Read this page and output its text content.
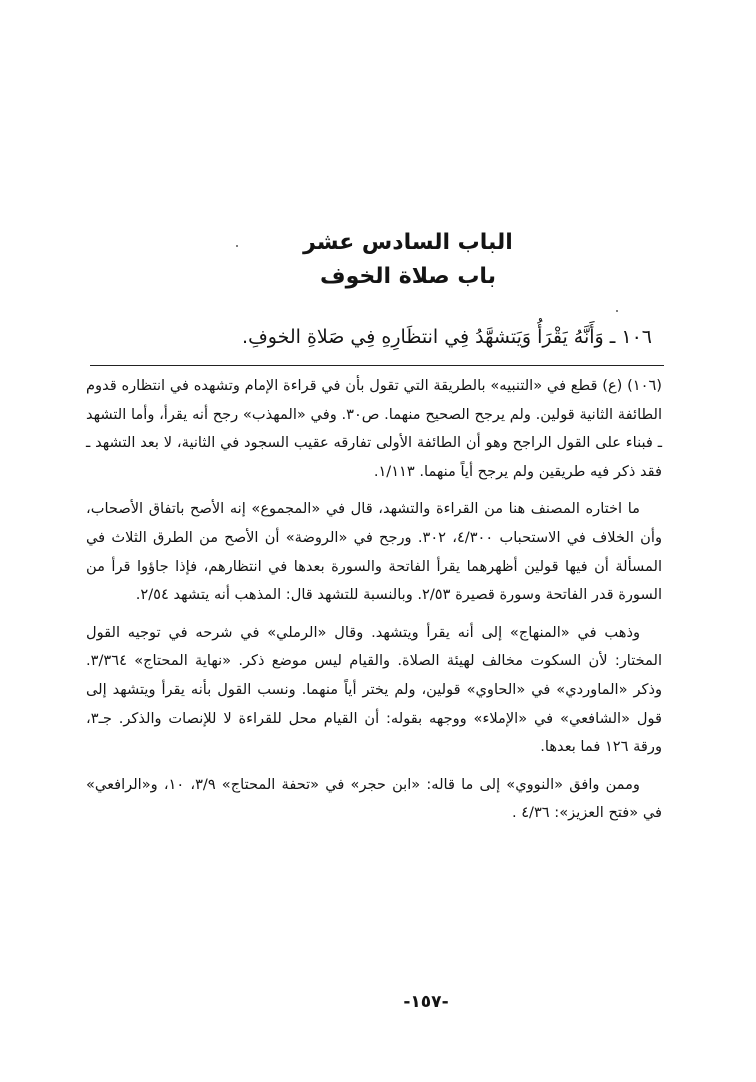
الباب السادس عشر
باب صلاة الخوف
١٠٦ ـ وَأَنَّهُ يَقْرَأُ وَيَتشهَّدُ فِي انتظَارِهِ فِي صَلاةِ الخوفِ.

(١٠٦) (ع) قطع في «التنبيه» بالطريقة التي تقول بأن في قراءة الإمام وتشهده في انتظاره قدوم الطائفة الثانية قولين. ولم يرجح الصحيح منهما. ص٣٠. وفي «المهذب» رجح أنه يقرأ، وأما التشهد ـ فبناء على القول الراجح وهو أن الطائفة الأولى تفارقه عقيب السجود في الثانية، لا بعد التشهد ـ فقد ذكر فيه طريقين ولم يرجح أياً منهما. ١/١١٣.

ما اختاره المصنف هنا من القراءة والتشهد، قال في «المجموع» إنه الأصح باتفاق الأصحاب، وأن الخلاف في الاستحباب ٤/٣٠٠، ٣٠٢. ورجح في «الروضة» أن الأصح من الطرق الثلاث في المسألة أن فيها قولين أظهرهما يقرأ الفاتحة والسورة بعدها في انتظارهم، فإذا جاؤوا قرأ من السورة قدر الفاتحة وسورة قصيرة ٢/٥٣. وبالنسبة للتشهد قال: المذهب أنه يتشهد ٢/٥٤.

وذهب في «المنهاج» إلى أنه يقرأ ويتشهد. وقال «الرملي» في شرحه في توجيه القول المختار: لأن السكوت مخالف لهيئة الصلاة. والقيام ليس موضع ذكر. «نهاية المحتاج» ٣/٣٦٤. وذكر «الماوردي» في «الحاوي» قولين، ولم يختر أياً منهما. ونسب القول بأنه يقرأ ويتشهد إلى قول «الشافعي» في «الإملاء» ووجهه بقوله: أن القيام محل للقراءة لا للإنصات والذكر. جـ٣، ورقة ١٢٦ فما بعدها.

وممن وافق «النووي» إلى ما قاله: «ابن حجر» في «تحفة المحتاج» ٣/٩، ١٠، و«الرافعي» في «فتح العزيز»: ٤/٣٦ .

-١٥٧-
